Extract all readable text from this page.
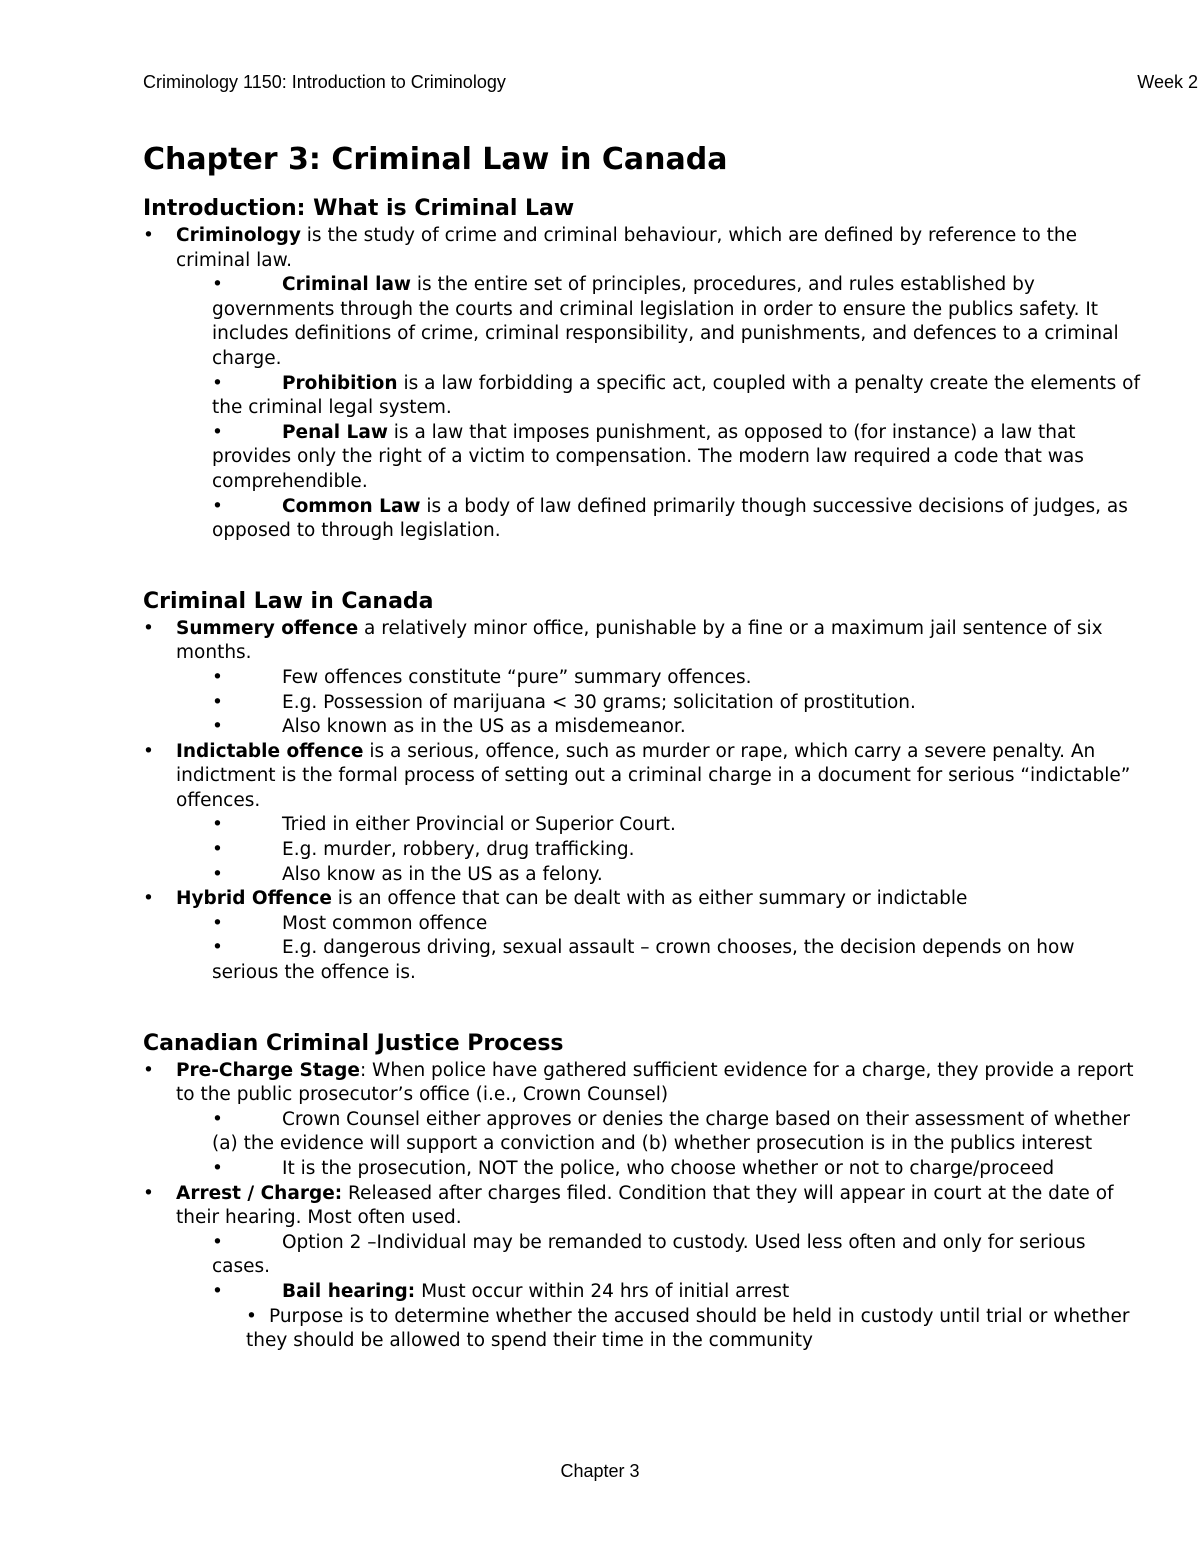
Criminology 1150: Introduction to Criminology	Week 2
Chapter 3: Criminal Law in Canada
Introduction: What is Criminal Law
• Criminology is the study of crime and criminal behaviour, which are defined by reference to the criminal law.
•	Criminal law is the entire set of principles, procedures, and rules established by governments through the courts and criminal legislation in order to ensure the publics safety. It includes definitions of crime, criminal responsibility, and punishments, and defences to a criminal charge.
•	Prohibition is a law forbidding a specific act, coupled with a penalty create the elements of the criminal legal system.
•	Penal Law is a law that imposes punishment, as opposed to (for instance) a law that provides only the right of a victim to compensation. The modern law required a code that was comprehendible.
•	Common Law is a body of law defined primarily though successive decisions of judges, as opposed to through legislation.
Criminal Law in Canada
• Summery offence a relatively minor office, punishable by a fine or a maximum jail sentence of six months.
•	Few offences constitute “pure” summary offences.
•	E.g. Possession of marijuana < 30 grams; solicitation of prostitution.
•	Also known as in the US as a misdemeanor.
• Indictable offence is a serious, offence, such as murder or rape, which carry a severe penalty. An indictment is the formal process of setting out a criminal charge in a document for serious “indictable” offences.
•	Tried in either Provincial or Superior Court.
•	E.g. murder, robbery, drug trafficking.
•	Also know as in the US as a felony.
• Hybrid Offence is an offence that can be dealt with as either summary or indictable
•	Most common offence
•	E.g. dangerous driving, sexual assault – crown chooses, the decision depends on how serious the offence is.
Canadian Criminal Justice Process
• Pre-Charge Stage: When police have gathered sufficient evidence for a charge, they provide a report to the public prosecutor’s office (i.e., Crown Counsel)
•	Crown Counsel either approves or denies the charge based on their assessment of whether (a) the evidence will support a conviction and (b) whether prosecution is in the publics interest
•	It is the prosecution, NOT the police, who choose whether or not to charge/proceed
• Arrest / Charge: Released after charges filed. Condition that they will appear in court at the date of their hearing. Most often used.
•	Option 2 –Individual may be remanded to custody. Used less often and only for serious cases.
•	Bail hearing: Must occur within 24 hrs of initial arrest
• Purpose is to determine whether the accused should be held in custody until trial or whether they should be allowed to spend their time in the community
Chapter 3
